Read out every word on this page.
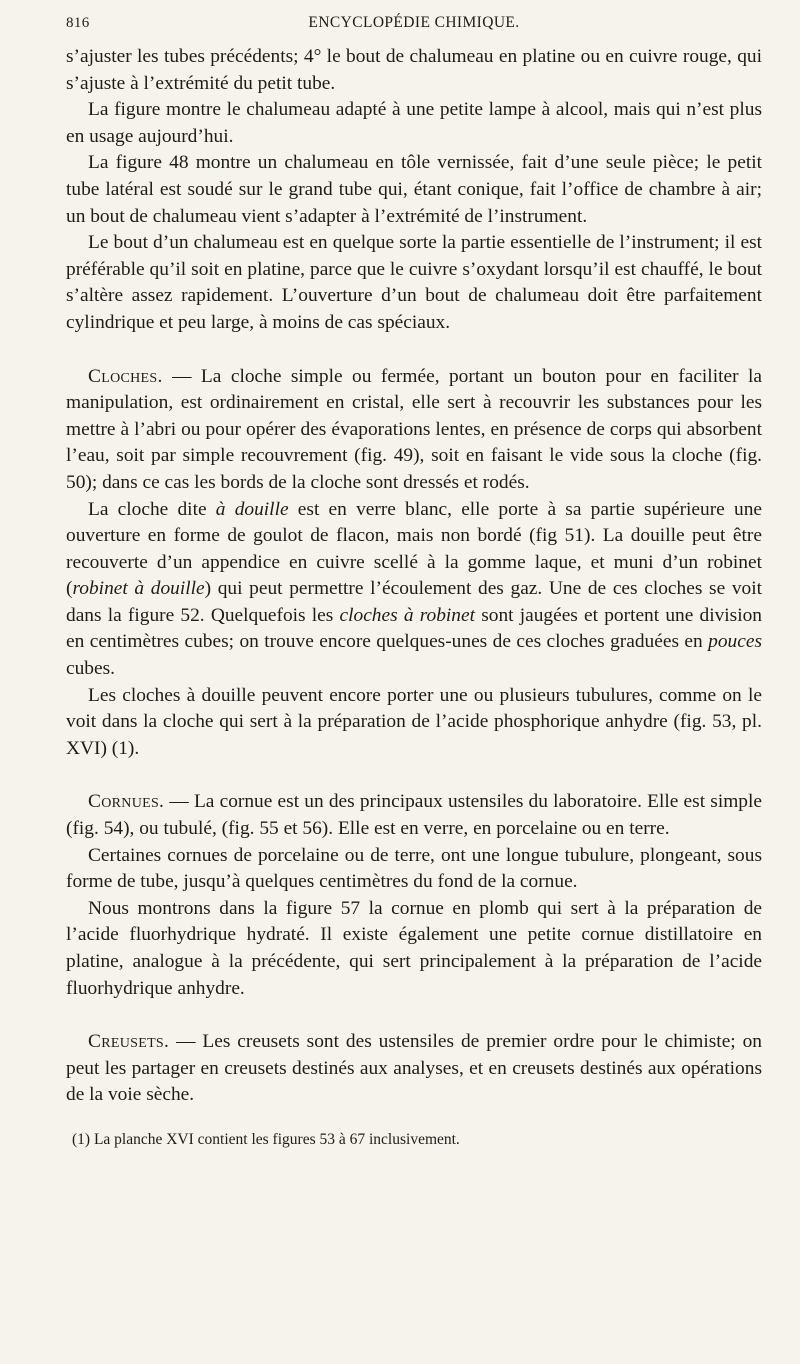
816	ENCYCLOPÉDIE CHIMIQUE.

s’ajuster les tubes précédents; 4° le bout de chalumeau en platine ou en cuivre rouge, qui s’ajuste à l’extrémité du petit tube.

La figure montre le chalumeau adapté à une petite lampe à alcool, mais qui n’est plus en usage aujourd’hui.

La figure 48 montre un chalumeau en tôle vernissée, fait d’une seule pièce; le petit tube latéral est soudé sur le grand tube qui, étant conique, fait l’office de chambre à air; un bout de chalumeau vient s’adapter à l’extrémité de l’instrument.

Le bout d’un chalumeau est en quelque sorte la partie essentielle de l’instrument; il est préférable qu’il soit en platine, parce que le cuivre s’oxydant lorsqu’il est chauffé, le bout s’altère assez rapidement. L’ouverture d’un bout de chalumeau doit être parfaitement cylindrique et peu large, à moins de cas spéciaux.

Cloches. — La cloche simple ou fermée, portant un bouton pour en faciliter la manipulation, est ordinairement en cristal, elle sert à recouvrir les substances pour les mettre à l’abri ou pour opérer des évaporations lentes, en présence de corps qui absorbent l’eau, soit par simple recouvrement (fig. 49), soit en faisant le vide sous la cloche (fig. 50); dans ce cas les bords de la cloche sont dressés et rodés.

La cloche dite à douille est en verre blanc, elle porte à sa partie supérieure une ouverture en forme de goulot de flacon, mais non bordé (fig 51). La douille peut être recouverte d’un appendice en cuivre scellé à la gomme laque, et muni d’un robinet (robinet à douille) qui peut permettre l’écoulement des gaz. Une de ces cloches se voit dans la figure 52. Quelquefois les cloches à robinet sont jaugées et portent une division en centimètres cubes; on trouve encore quelques-unes de ces cloches graduées en pouces cubes.

Les cloches à douille peuvent encore porter une ou plusieurs tubulures, comme on le voit dans la cloche qui sert à la préparation de l’acide phosphorique anhydre (fig. 53, pl. XVI) (1).

Cornues. — La cornue est un des principaux ustensiles du laboratoire. Elle est simple (fig. 54), ou tubulé, (fig. 55 et 56). Elle est en verre, en porcelaine ou en terre.

Certaines cornues de porcelaine ou de terre, ont une longue tubulure, plongeant, sous forme de tube, jusqu’à quelques centimètres du fond de la cornue.

Nous montrons dans la figure 57 la cornue en plomb qui sert à la préparation de l’acide fluorhydrique hydraté. Il existe également une petite cornue distillatoire en platine, analogue à la précédente, qui sert principalement à la préparation de l’acide fluorhydrique anhydre.

Creusets. — Les creusets sont des ustensiles de premier ordre pour le chimiste; on peut les partager en creusets destinés aux analyses, et en creusets destinés aux opérations de la voie sèche.

(1) La planche XVI contient les figures 53 à 67 inclusivement.
